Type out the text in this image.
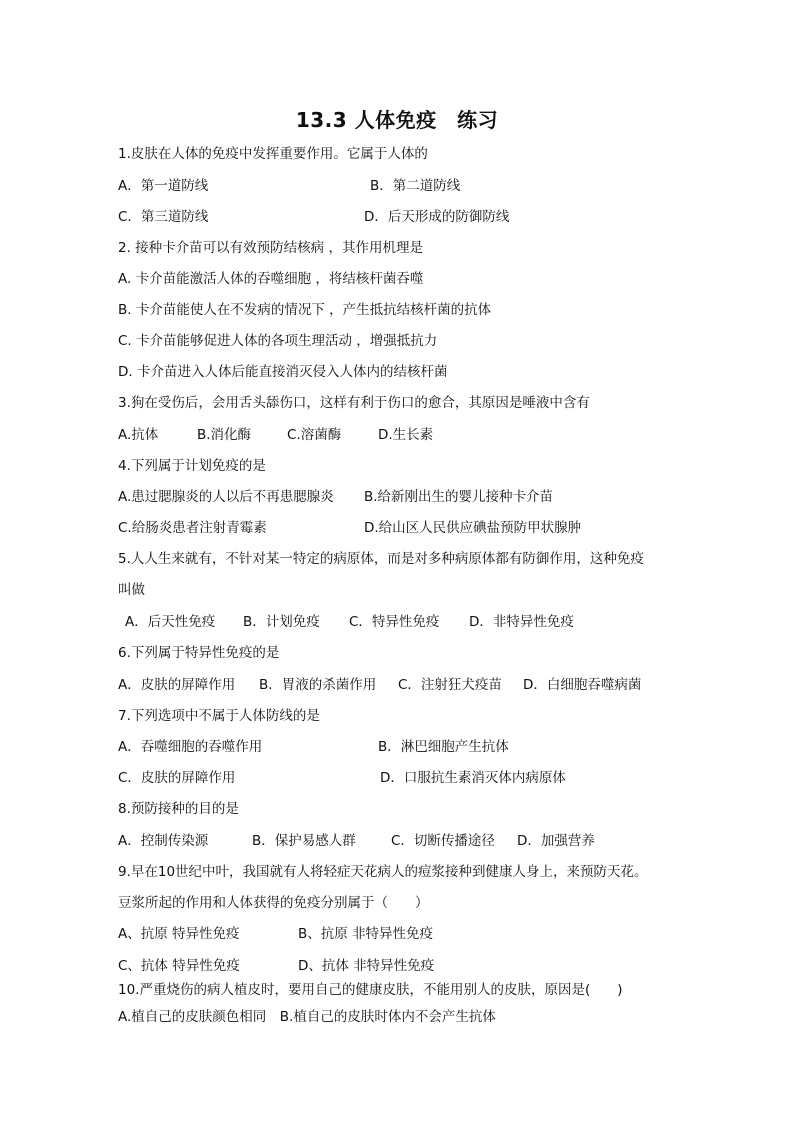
13.3 人体免疫　练习
1.皮肤在人体的免疫中发挥重要作用。它属于人体的
A．第一道防线	B．第二道防线
C．第三道防线	D．后天形成的防御防线
2. 接种卡介苗可以有效预防结核病 ，其作用机理是
A. 卡介苗能激活人体的吞噬细胞 ，将结核杆菌吞噬
B. 卡介苗能使人在不发病的情况下 ，产生抵抗结核杆菌的抗体
C. 卡介苗能够促进人体的各项生理活动 ，增强抵抗力
D. 卡介苗进入人体后能直接消灭侵入人体内的结核杆菌
3.狗在受伤后，会用舌头舔伤口，这样有利于伤口的愈合，其原因是唾液中含有
A.抗体	B.消化酶	C.溶菌酶	D.生长素
4.下列属于计划免疫的是
A.患过腮腺炎的人以后不再患腮腺炎 B.给新刚出生的婴儿接种卡介苗
C.给肠炎患者注射青霉素	D.给山区人民供应碘盐预防甲状腺肿
5.人人生来就有，不针对某一特定的病原体，而是对多种病原体都有防御作用，这种免疫
叫做
A．后天性免疫 B．计划免疫 C．特异性免疫 D．非特异性免疫
6.下列属于特异性免疫的是
A．皮肤的屏障作用 B．胃液的杀菌作用 C．注射狂犬疫苗 D．白细胞吞噬病菌
7.下列选项中不属于人体防线的是
A．吞噬细胞的吞噬作用	B．淋巴细胞产生抗体
C．皮肤的屏障作用	D．口服抗生素消灭体内病原体
8.预防接种的目的是
A．控制传染源	B．保护易感人群	C．切断传播途径 D．加强营养
9.早在10世纪中叶，我国就有人将轻症天花病人的痘浆接种到健康人身上，来预防天花。
豆浆所起的作用和人体获得的免疫分别属于（　　）
A、抗原 特异性免疫	B、抗原 非特异性免疫
C、抗体 特异性免疫	D、抗体 非特异性免疫
10.严重烧伤的病人植皮时，要用自己的健康皮肤，不能用别人的皮肤，原因是(　　)
A.植自己的皮肤颜色相同　B.植自己的皮肤时体内不会产生抗体
